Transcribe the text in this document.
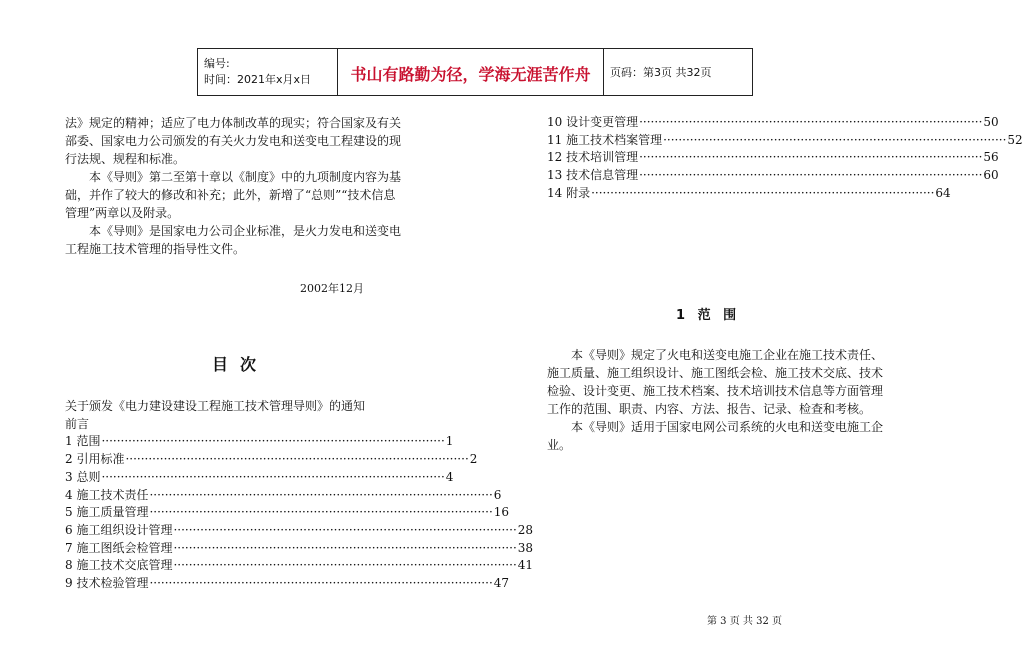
编号:
时间：2021年x月x日	书山有路勤为径，学海无涯苦作舟	页码：第3页 共32页

法》规定的精神；适应了电力体制改革的现实；符合国家及有关部委、国家电力公司颁发的有关火力发电和送变电工程建设的现行法规、规程和标准。

本《导则》第二至第十章以《制度》中的九项制度内容为基础，并作了较大的修改和补充；此外，新增了“总则”“技术信息管理”两章以及附录。

本《导则》是国家电力公司企业标准，是火力发电和送变电工程施工技术管理的指导性文件。

2002年12月
目次
关于颁发《电力建设建设工程施工技术管理导则》的通知
前言
1 范围 ·························································································· 1
2 引用标准 ·························································································· 2
3 总则 ·························································································· 4
4 施工技术责任 ·························································································· 6
5 施工质量管理 ·························································································· 16
6 施工组织设计管理 ·························································································· 28
7 施工图纸会检管理 ·························································································· 38
8 施工技术交底管理 ·························································································· 41
9 技术检验管理 ·························································································· 47
10 设计变更管理 ·························································································· 50
11 施工技术档案管理 ·························································································· 52
12 技术培训管理 ·························································································· 56
13 技术信息管理 ·························································································· 60
14 附录 ·························································································· 64
1 范 围

本《导则》规定了火电和送变电施工企业在施工技术责任、施工质量、施工组织设计、施工图纸会检、施工技术交底、技术检验、设计变更、施工技术档案、技术培训技术信息等方面管理工作的范围、职责、内容、方法、报告、记录、检查和考核。

本《导则》适用于国家电网公司系统的火电和送变电施工企业。

第 3 页 共 32 页
